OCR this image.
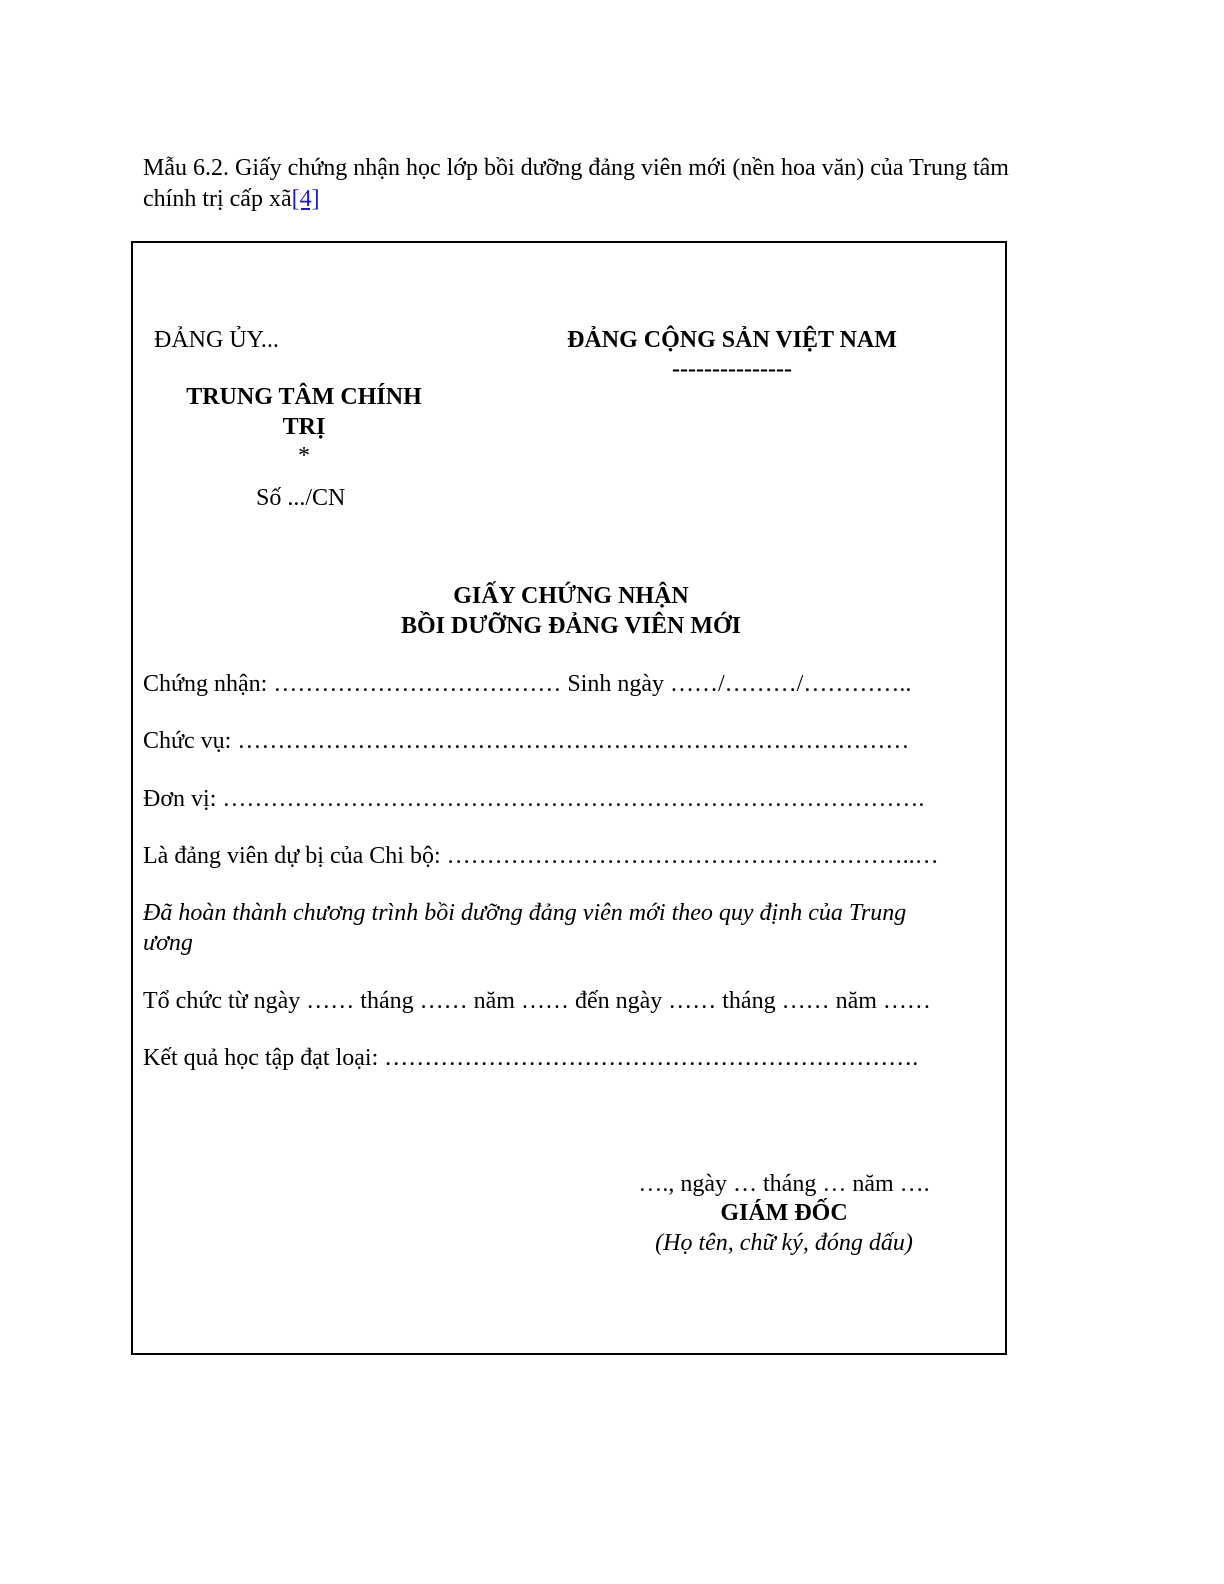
Mẫu 6.2. Giấy chứng nhận học lớp bồi dưỡng đảng viên mới (nền hoa văn) của Trung tâm chính trị cấp xã[4]
ĐẢNG ỦY...
TRUNG TÂM CHÍNH
TRỊ
*
Số .../CN
ĐẢNG CỘNG SẢN VIỆT NAM
---------------
GIẤY CHỨNG NHẬN
BỒI DƯỠNG ĐẢNG VIÊN MỚI
Chứng nhận: ……………………………… Sinh ngày ……/………/…………..
Chức vụ: …………………………………………………………………………
Đơn vị: …………………………………………………………………………….
Là đảng viên dự bị của Chi bộ: …………………………………………………..…
Đã hoàn thành chương trình bồi dưỡng đảng viên mới theo quy định của Trung
ương
Tổ chức từ ngày …… tháng …… năm …… đến ngày …… tháng …… năm ……
Kết quả học tập đạt loại: ………………………………………………………….
…., ngày … tháng … năm ….
GIÁM ĐỐC
(Họ tên, chữ ký, đóng dấu)
